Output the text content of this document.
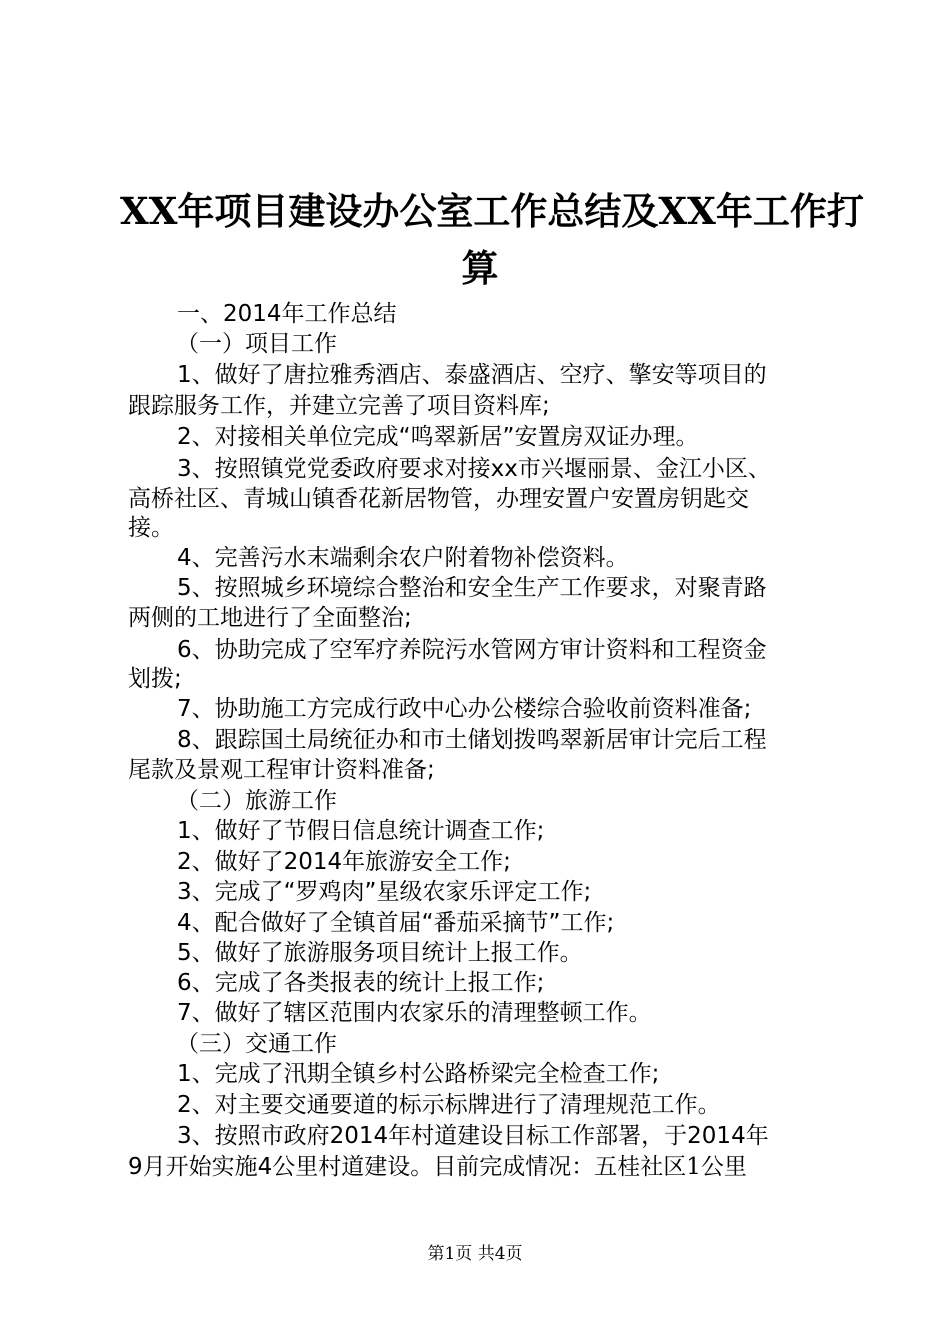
XX年项目建设办公室工作总结及XX年工作打
算
一、2014年工作总结
（一）项目工作
1、做好了唐拉雅秀酒店、泰盛酒店、空疗、擎安等项目的
跟踪服务工作，并建立完善了项目资料库;
2、对接相关单位完成“鸣翠新居”安置房双证办理。
3、按照镇党党委政府要求对接xx市兴堰丽景、金江小区、
高桥社区、青城山镇香花新居物管，办理安置户安置房钥匙交
接。
4、完善污水末端剩余农户附着物补偿资料。
5、按照城乡环境综合整治和安全生产工作要求，对聚青路
两侧的工地进行了全面整治;
6、协助完成了空军疗养院污水管网方审计资料和工程资金
划拨;
7、协助施工方完成行政中心办公楼综合验收前资料准备;
8、跟踪国土局统征办和市土储划拨鸣翠新居审计完后工程
尾款及景观工程审计资料准备;
（二）旅游工作
1、做好了节假日信息统计调查工作;
2、做好了2014年旅游安全工作;
3、完成了“罗鸡肉”星级农家乐评定工作;
4、配合做好了全镇首届“番茄采摘节”工作;
5、做好了旅游服务项目统计上报工作。
6、完成了各类报表的统计上报工作;
7、做好了辖区范围内农家乐的清理整顿工作。
（三）交通工作
1、完成了汛期全镇乡村公路桥梁完全检查工作;
2、对主要交通要道的标示标牌进行了清理规范工作。
3、按照市政府2014年村道建设目标工作部署，于2014年
9月开始实施4公里村道建设。目前完成情况：五桂社区1公里
第1页 共4页
